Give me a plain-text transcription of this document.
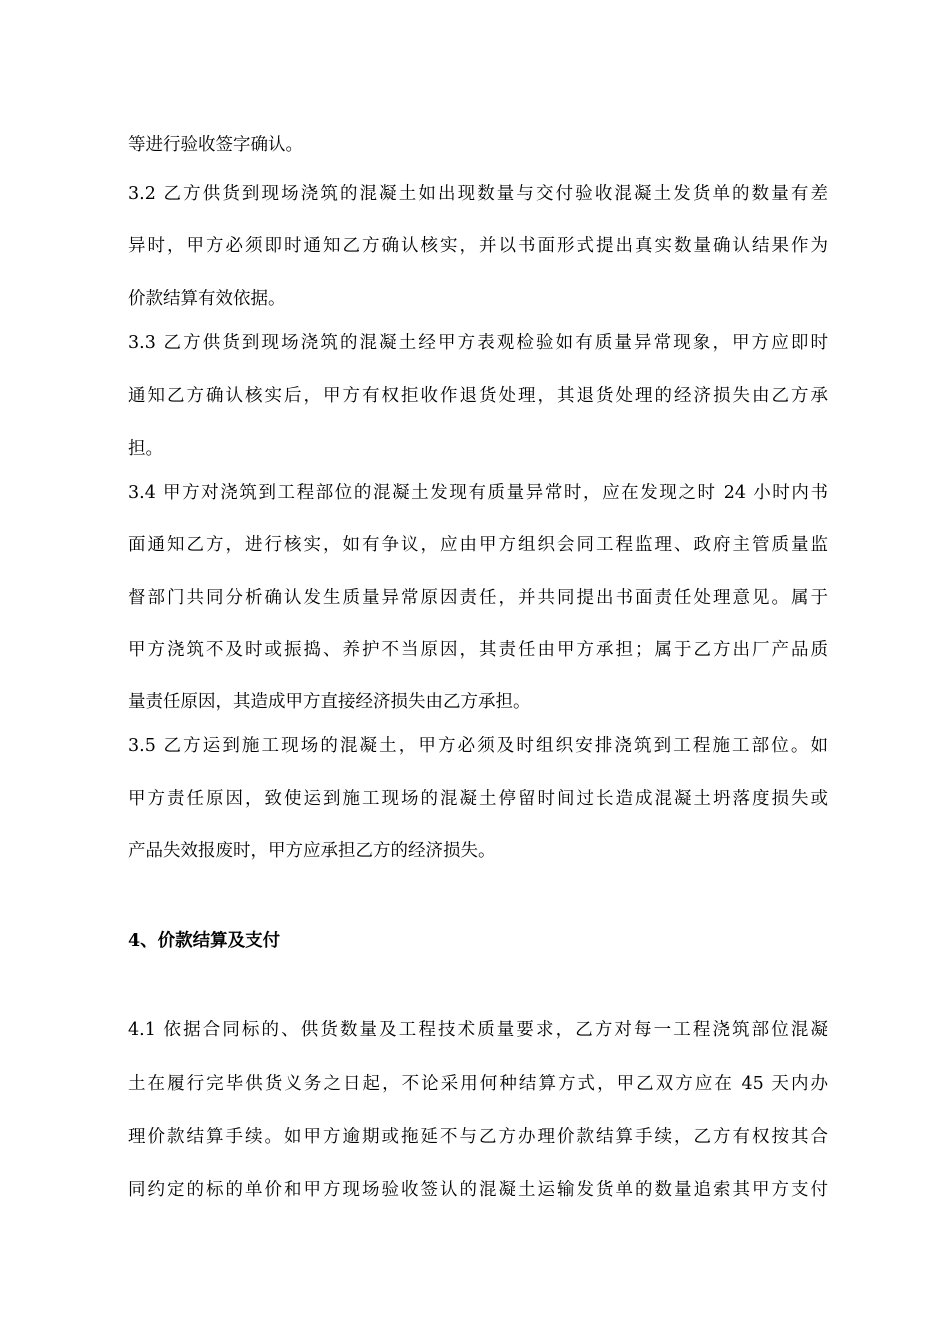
等进行验收签字确认。
3.2 乙方供货到现场浇筑的混凝土如出现数量与交付验收混凝土发货单的数量有差
异时，甲方必须即时通知乙方确认核实，并以书面形式提出真实数量确认结果作为
价款结算有效依据。
3.3 乙方供货到现场浇筑的混凝土经甲方表观检验如有质量异常现象，甲方应即时
通知乙方确认核实后，甲方有权拒收作退货处理，其退货处理的经济损失由乙方承
担。
3.4 甲方对浇筑到工程部位的混凝土发现有质量异常时，应在发现之时 24 小时内书
面通知乙方，进行核实，如有争议，应由甲方组织会同工程监理、政府主管质量监
督部门共同分析确认发生质量异常原因责任，并共同提出书面责任处理意见。属于
甲方浇筑不及时或振捣、养护不当原因，其责任由甲方承担；属于乙方出厂产品质
量责任原因，其造成甲方直接经济损失由乙方承担。
3.5 乙方运到施工现场的混凝土，甲方必须及时组织安排浇筑到工程施工部位。如
甲方责任原因，致使运到施工现场的混凝土停留时间过长造成混凝土坍落度损失或
产品失效报废时，甲方应承担乙方的经济损失。
4、价款结算及支付
4.1 依据合同标的、供货数量及工程技术质量要求，乙方对每一工程浇筑部位混凝
土在履行完毕供货义务之日起，不论采用何种结算方式，甲乙双方应在 45 天内办
理价款结算手续。如甲方逾期或拖延不与乙方办理价款结算手续，乙方有权按其合
同约定的标的单价和甲方现场验收签认的混凝土运输发货单的数量追索其甲方支付
